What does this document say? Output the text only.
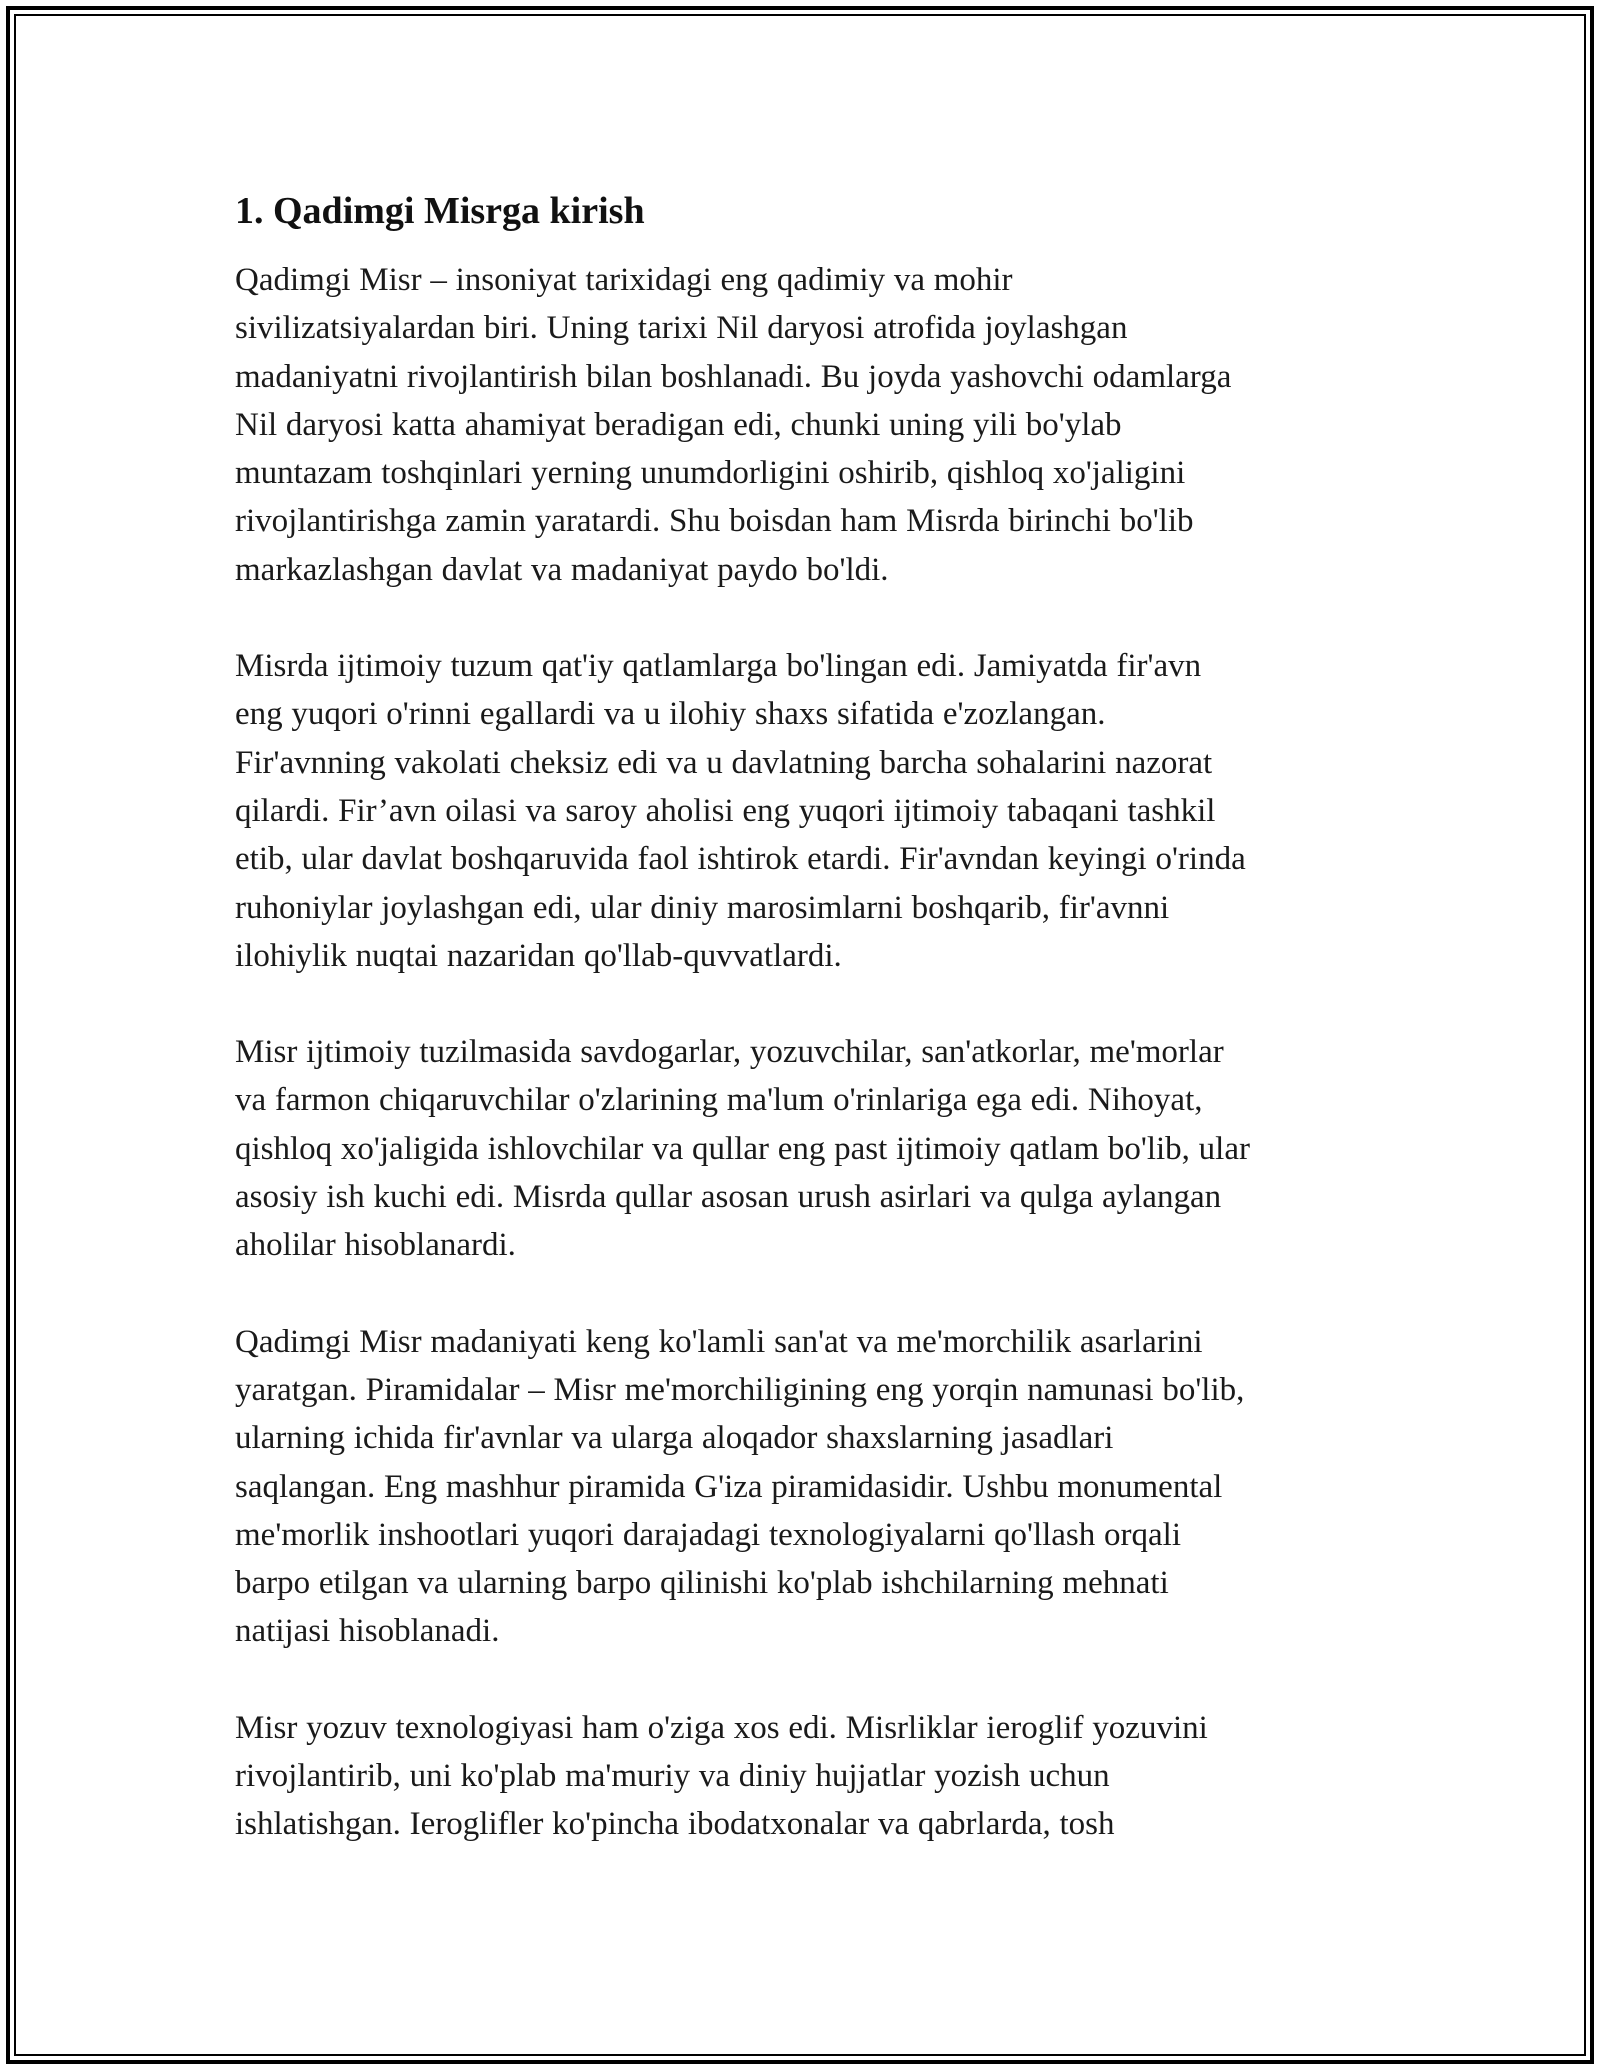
1. Qadimgi Misrga kirish

Qadimgi Misr – insoniyat tarixidagi eng qadimiy va mohir
sivilizatsiyalardan biri. Uning tarixi Nil daryosi atrofida joylashgan
madaniyatni rivojlantirish bilan boshlanadi. Bu joyda yashovchi odamlarga
Nil daryosi katta ahamiyat beradigan edi, chunki uning yili bo'ylab
muntazam toshqinlari yerning unumdorligini oshirib, qishloq xo'jaligini
rivojlantirishga zamin yaratardi. Shu boisdan ham Misrda birinchi bo'lib
markazlashgan davlat va madaniyat paydo bo'ldi.

Misrda ijtimoiy tuzum qat'iy qatlamlarga bo'lingan edi. Jamiyatda fir'avn
eng yuqori o'rinni egallardi va u ilohiy shaxs sifatida e'zozlangan.
Fir'avnning vakolati cheksiz edi va u davlatning barcha sohalarini nazorat
qilardi. Fir’avn oilasi va saroy aholisi eng yuqori ijtimoiy tabaqani tashkil
etib, ular davlat boshqaruvida faol ishtirok etardi. Fir'avndan keyingi o'rinda
ruhoniylar joylashgan edi, ular diniy marosimlarni boshqarib, fir'avnni
ilohiylik nuqtai nazaridan qo'llab-quvvatlardi.

Misr ijtimoiy tuzilmasida savdogarlar, yozuvchilar, san'atkorlar, me'morlar
va farmon chiqaruvchilar o'zlarining ma'lum o'rinlariga ega edi. Nihoyat,
qishloq xo'jaligida ishlovchilar va qullar eng past ijtimoiy qatlam bo'lib, ular
asosiy ish kuchi edi. Misrda qullar asosan urush asirlari va qulga aylangan
aholilar hisoblanardi.

Qadimgi Misr madaniyati keng ko'lamli san'at va me'morchilik asarlarini
yaratgan. Piramidalar – Misr me'morchiligining eng yorqin namunasi bo'lib,
ularning ichida fir'avnlar va ularga aloqador shaxslarning jasadlari
saqlangan. Eng mashhur piramida G'iza piramidasidir. Ushbu monumental
me'morlik inshootlari yuqori darajadagi texnologiyalarni qo'llash orqali
barpo etilgan va ularning barpo qilinishi ko'plab ishchilarning mehnati
natijasi hisoblanadi.

Misr yozuv texnologiyasi ham o'ziga xos edi. Misrliklar ieroglif yozuvini
rivojlantirib, uni ko'plab ma'muriy va diniy hujjatlar yozish uchun
ishlatishgan. Ieroglifler ko'pincha ibodatxonalar va qabrlarda, tosh
